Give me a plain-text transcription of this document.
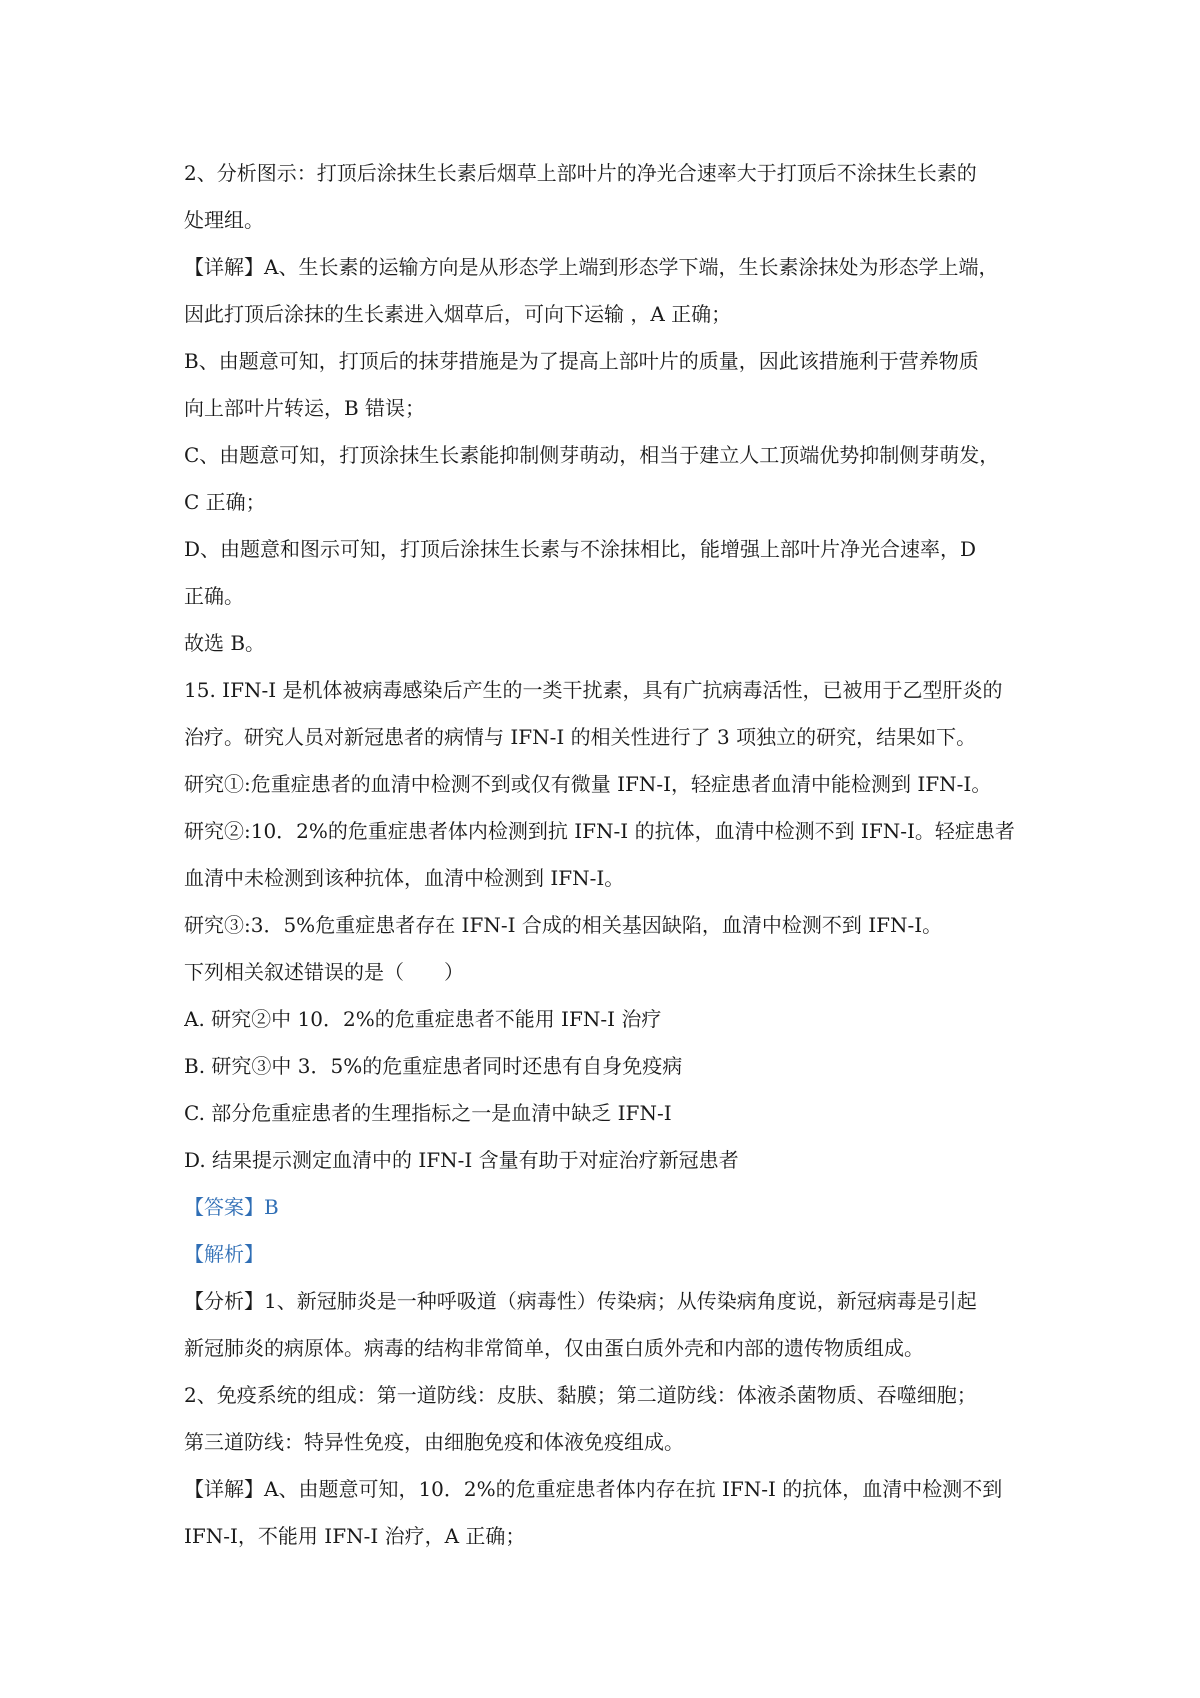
2、分析图示：打顶后涂抹生长素后烟草上部叶片的净光合速率大于打顶后不涂抹生长素的
处理组。
【详解】A、生长素的运输方向是从形态学上端到形态学下端，生长素涂抹处为形态学上端，
因此打顶后涂抹的生长素进入烟草后，可向下运输 ，A 正确；
B、由题意可知，打顶后的抹芽措施是为了提高上部叶片的质量，因此该措施利于营养物质
向上部叶片转运，B 错误；
C、由题意可知，打顶涂抹生长素能抑制侧芽萌动，相当于建立人工顶端优势抑制侧芽萌发，
C 正确；
D、由题意和图示可知，打顶后涂抹生长素与不涂抹相比，能增强上部叶片净光合速率，D
正确。
故选 B。
15. IFN-I 是机体被病毒感染后产生的一类干扰素，具有广抗病毒活性，已被用于乙型肝炎的
治疗。研究人员对新冠患者的病情与 IFN-I 的相关性进行了 3 项独立的研究，结果如下。
研究①:危重症患者的血清中检测不到或仅有微量 IFN-I，轻症患者血清中能检测到 IFN-I。
研究②:10．2%的危重症患者体内检测到抗 IFN-I 的抗体，血清中检测不到 IFN-I。轻症患者
血清中未检测到该种抗体，血清中检测到 IFN-I。
研究③:3．5%危重症患者存在 IFN-I 合成的相关基因缺陷，血清中检测不到 IFN-I。
下列相关叙述错误的是（　　）
A. 研究②中 10．2%的危重症患者不能用 IFN-I 治疗
B. 研究③中 3．5%的危重症患者同时还患有自身免疫病
C. 部分危重症患者的生理指标之一是血清中缺乏 IFN-I
D. 结果提示测定血清中的 IFN-I 含量有助于对症治疗新冠患者
【答案】B
【解析】
【分析】1、新冠肺炎是一种呼吸道（病毒性）传染病；从传染病角度说，新冠病毒是引起
新冠肺炎的病原体。病毒的结构非常简单，仅由蛋白质外壳和内部的遗传物质组成。
2、免疫系统的组成：第一道防线：皮肤、黏膜；第二道防线：体液杀菌物质、吞噬细胞；
第三道防线：特异性免疫，由细胞免疫和体液免疫组成。
【详解】A、由题意可知，10．2%的危重症患者体内存在抗 IFN-I 的抗体，血清中检测不到
IFN-I，不能用 IFN-I 治疗，A 正确；
